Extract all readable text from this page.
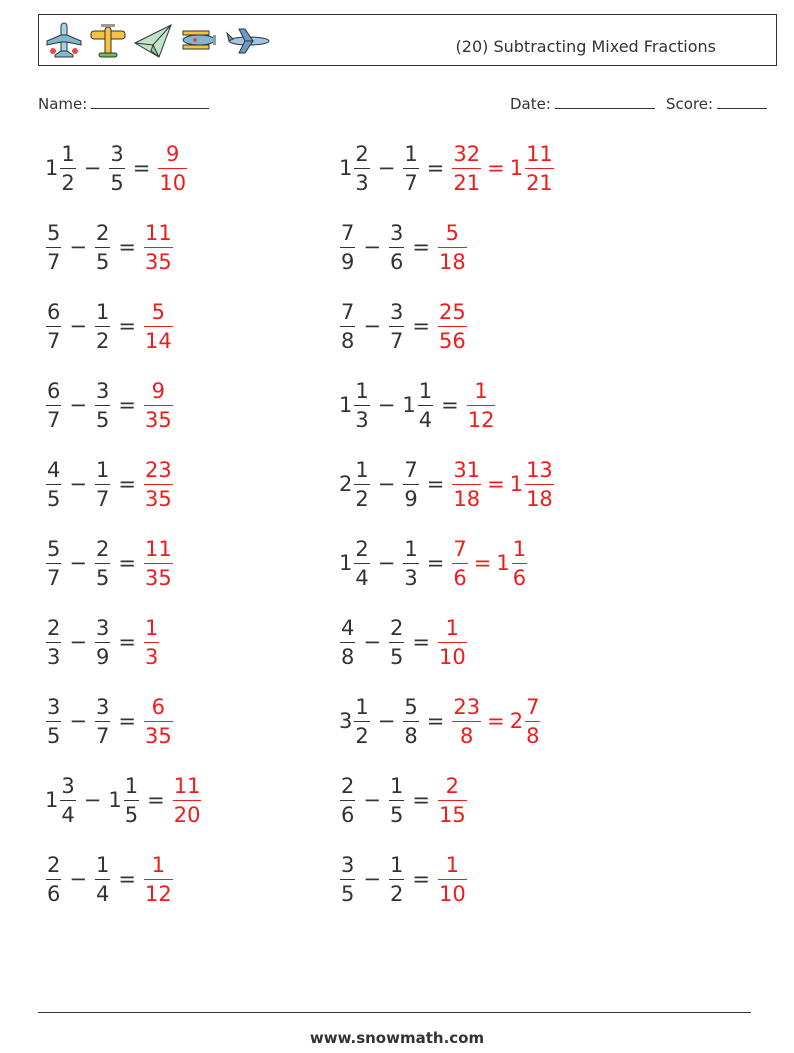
(20) Subtracting Mixed Fractions
Name:	Date:	Score:
$1 \frac{1}{2} - \frac{3}{5} = \frac{9}{10}$	$1 \frac{2}{3} - \frac{1}{7} = \frac{32}{21} = 1 \frac{11}{21}$
$\frac{5}{7} - \frac{2}{5} = \frac{11}{35}$	$\frac{7}{9} - \frac{3}{6} = \frac{5}{18}$
$\frac{6}{7} - \frac{1}{2} = \frac{5}{14}$	$\frac{7}{8} - \frac{3}{7} = \frac{25}{56}$
$\frac{6}{7} - \frac{3}{5} = \frac{9}{35}$	$1 \frac{1}{3} - 1 \frac{1}{4} = \frac{1}{12}$
$\frac{4}{5} - \frac{1}{7} = \frac{23}{35}$	$2 \frac{1}{2} - \frac{7}{9} = \frac{31}{18} = 1 \frac{13}{18}$
$\frac{5}{7} - \frac{2}{5} = \frac{11}{35}$	$1 \frac{2}{4} - \frac{1}{3} = \frac{7}{6} = 1 \frac{1}{6}$
$\frac{2}{3} - \frac{3}{9} = \frac{1}{3}$	$\frac{4}{8} - \frac{2}{5} = \frac{1}{10}$
$\frac{3}{5} - \frac{3}{7} = \frac{6}{35}$	$3 \frac{1}{2} - \frac{5}{8} = \frac{23}{8} = 2 \frac{7}{8}$
$1 \frac{3}{4} - 1 \frac{1}{5} = \frac{11}{20}$	$\frac{2}{6} - \frac{1}{5} = \frac{2}{15}$
$\frac{2}{6} - \frac{1}{4} = \frac{1}{12}$	$\frac{3}{5} - \frac{1}{2} = \frac{1}{10}$
www.snowmath.com
